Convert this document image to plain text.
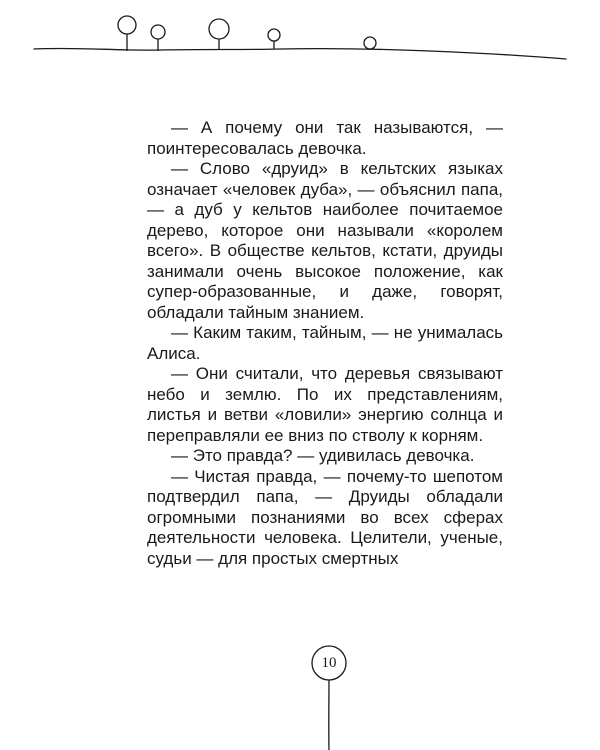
— А почему они так называются, — поинтересовалась девочка.

— Слово «друид» в кельтских языках означает «человек дуба», — объяснил папа, — а дуб у кельтов наиболее почитаемое дерево, которое они называли «королем всего». В обществе кельтов, кстати, друиды занимали очень высокое положение, как супер-образованные, и даже, говорят, обладали тайным знанием.

— Каким таким, тайным, — не унималась Алиса.

— Они считали, что деревья связывают небо и землю. По их представлениям, листья и ветви «ловили» энергию солнца и переправляли ее вниз по стволу к корням.

— Это правда? — удивилась девочка.

— Чистая правда, — почему-то шепотом подтвердил папа, — Друиды обладали огромными познаниями во всех сферах деятельности человека. Целители, ученые, судьи — для простых смертных

10
